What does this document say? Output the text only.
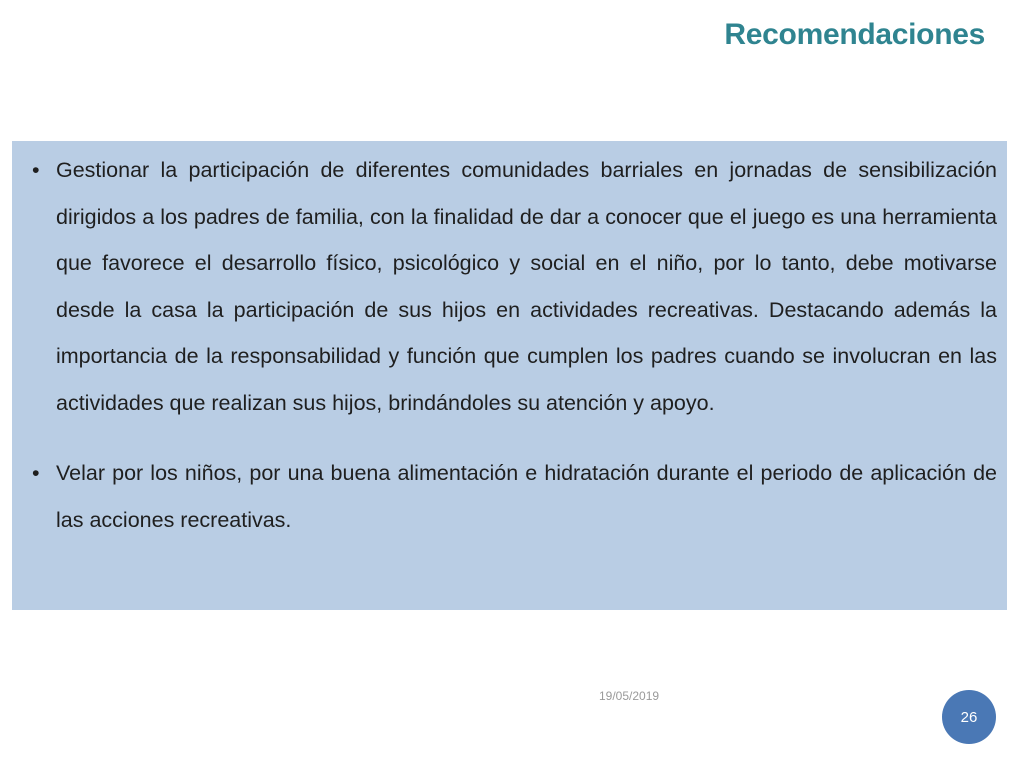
Recomendaciones
• Gestionar la participación de diferentes comunidades barriales en jornadas de sensibilización dirigidos a los padres de familia, con la finalidad de dar a conocer que el juego es una herramienta que favorece el desarrollo físico, psicológico y social en el niño, por lo tanto, debe motivarse desde la casa la participación de sus hijos en actividades recreativas. Destacando además la importancia de la responsabilidad y función que cumplen los padres cuando se involucran en las actividades que realizan sus hijos, brindándoles su atención y apoyo.
• Velar por los niños, por una buena alimentación e hidratación durante el periodo de aplicación de las acciones recreativas.
19/05/2019
26
